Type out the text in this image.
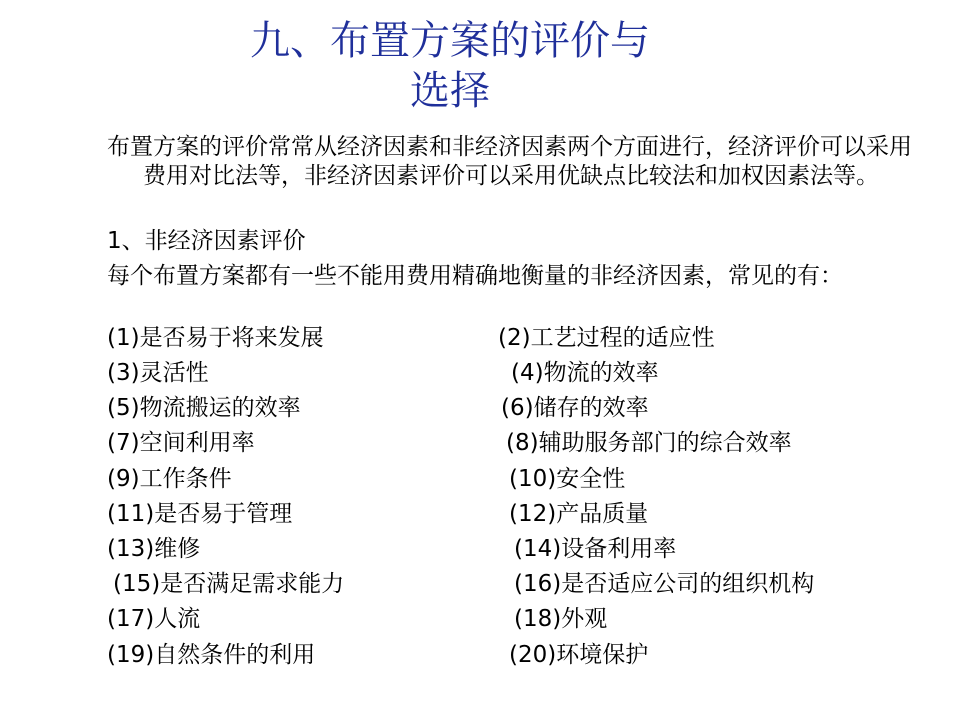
九、布置方案的评价与
选择
布置方案的评价常常从经济因素和非经济因素两个方面进行，经济评价可以采用费用对比法等，非经济因素评价可以采用优缺点比较法和加权因素法等。
1、非经济因素评价
每个布置方案都有一些不能用费用精确地衡量的非经济因素，常见的有：
(1)是否易于将来发展	(2)工艺过程的适应性
(3)灵活性	(4)物流的效率
(5)物流搬运的效率	(6)储存的效率
(7)空间利用率	(8)辅助服务部门的综合效率
(9)工作条件	(10)安全性
(11)是否易于管理	(12)产品质量
(13)维修	(14)设备利用率
(15)是否满足需求能力	(16)是否适应公司的组织机构
(17)人流	(18)外观
(19)自然条件的利用	(20)环境保护
